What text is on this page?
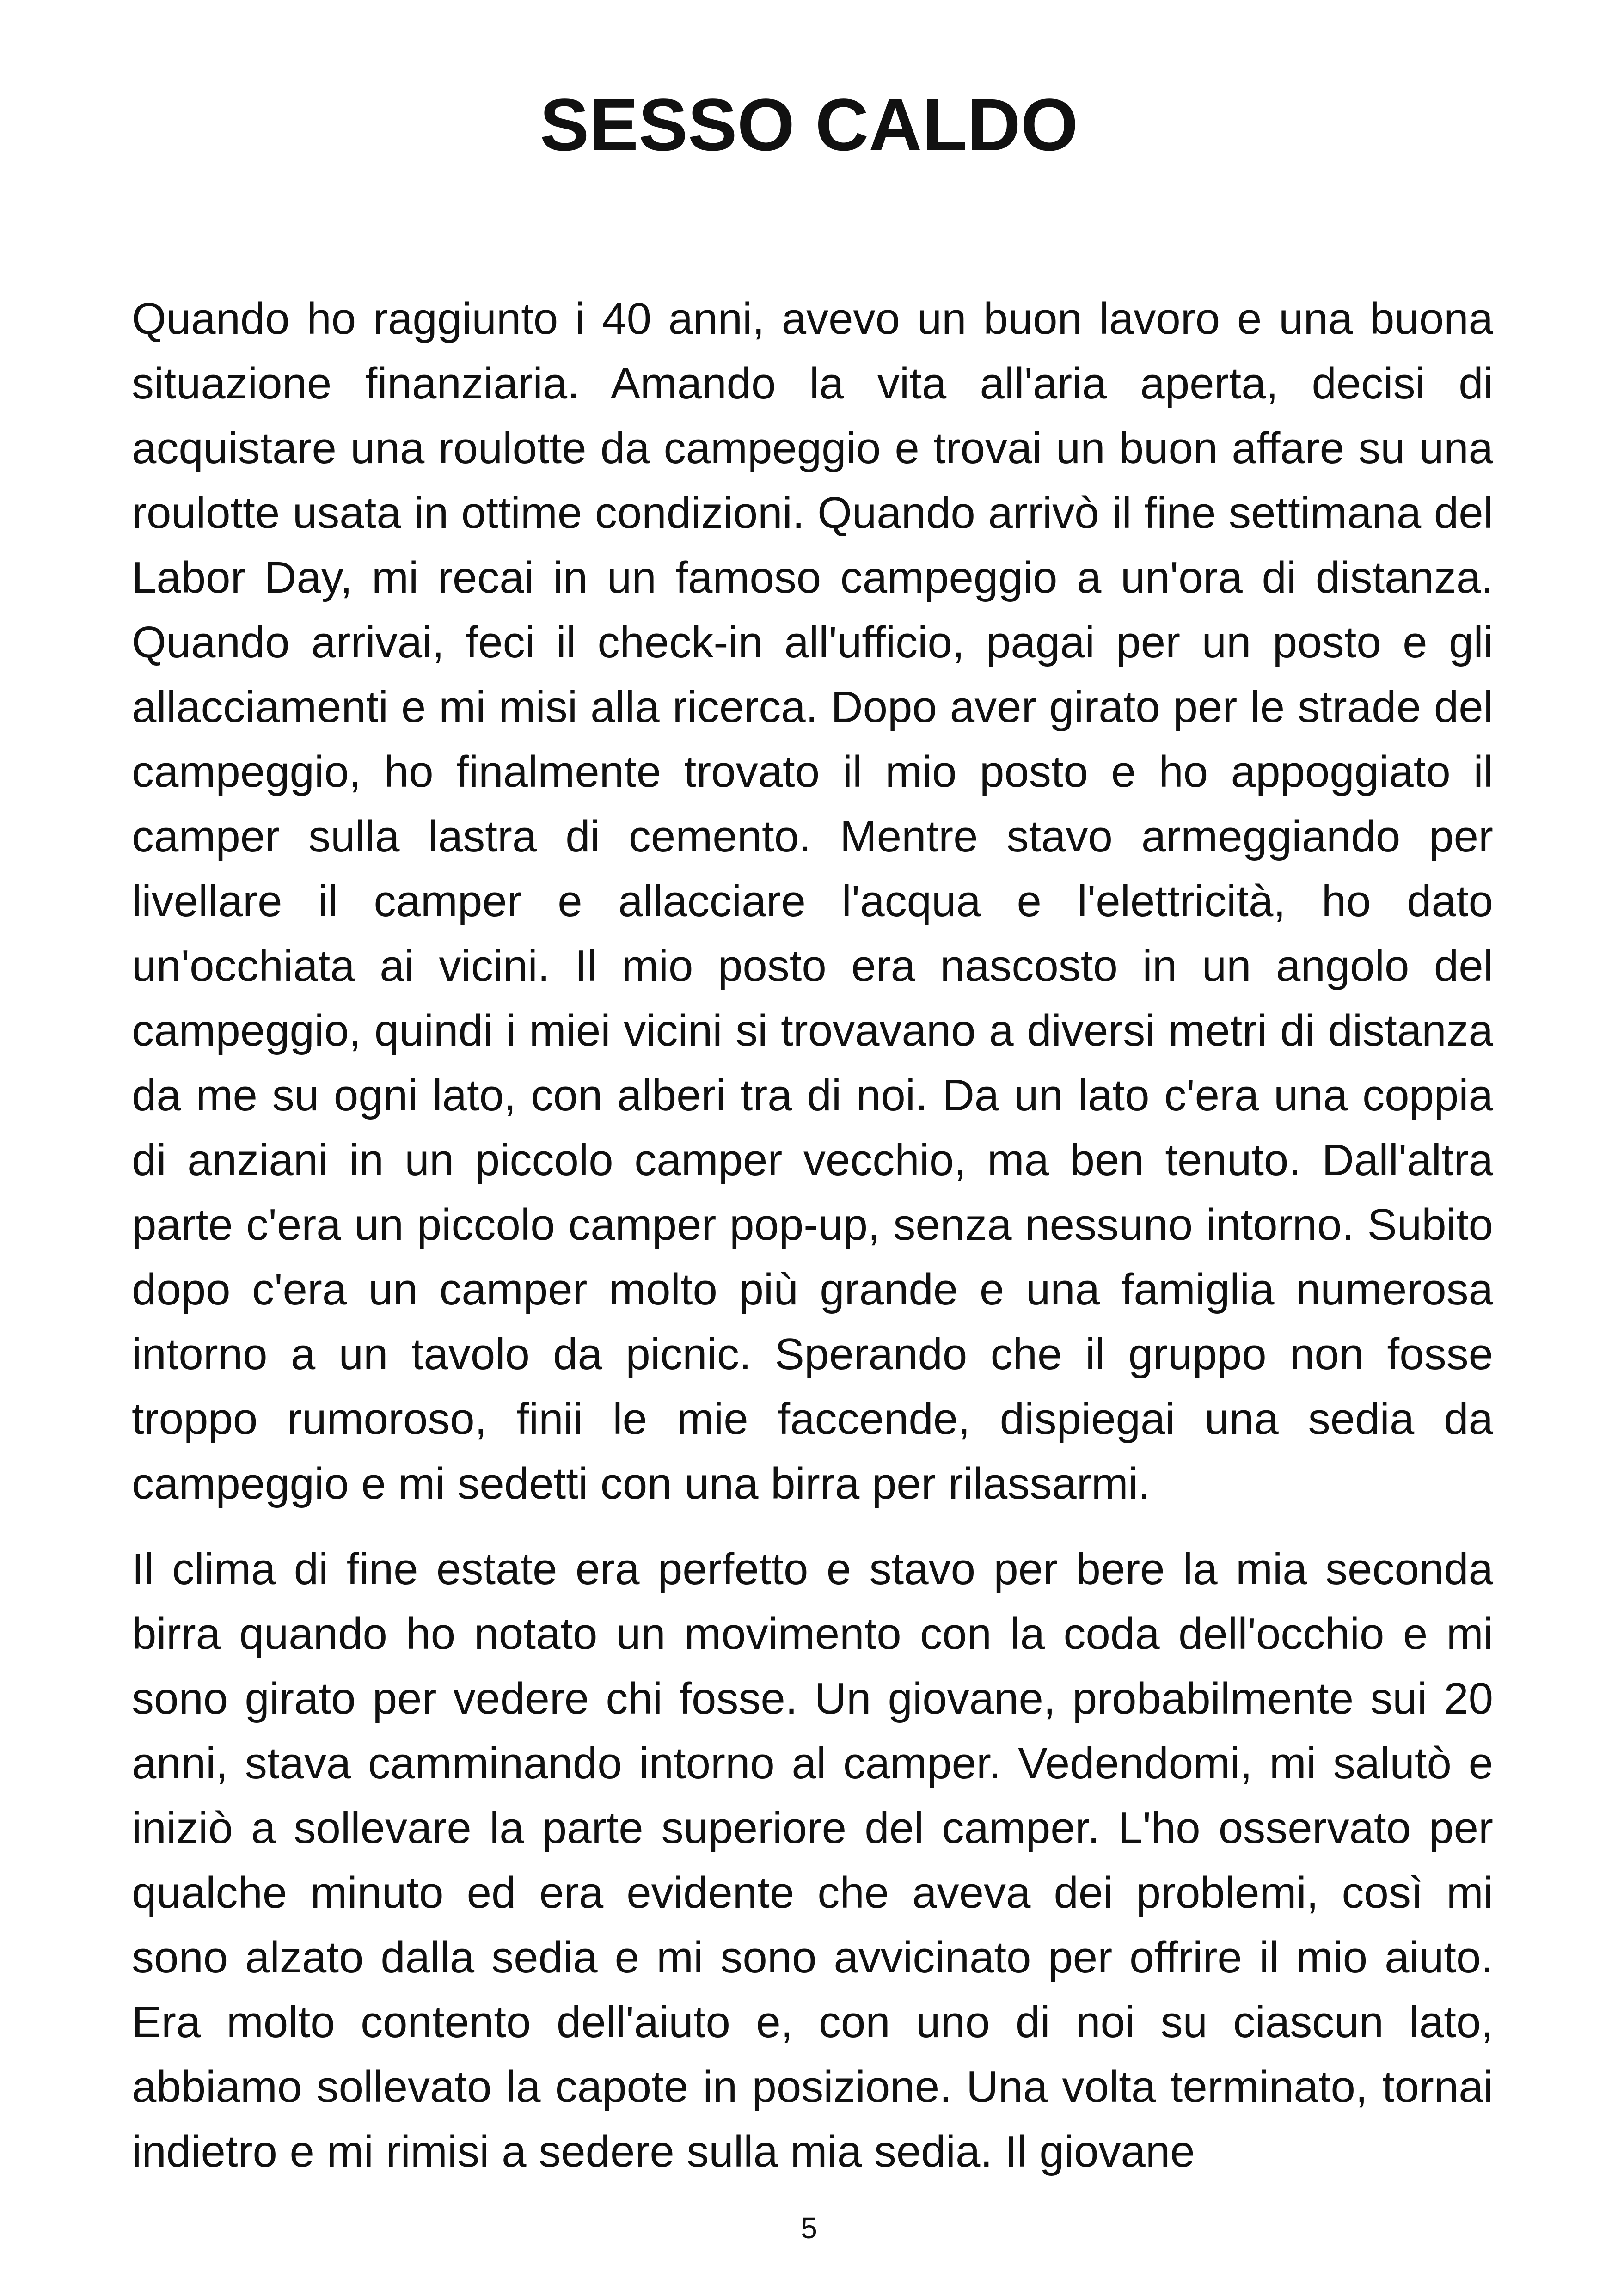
SESSO CALDO

Quando ho raggiunto i 40 anni, avevo un buon lavoro e una buona situazione finanziaria. Amando la vita all'aria aperta, decisi di acquistare una roulotte da campeggio e trovai un buon affare su una roulotte usata in ottime condizioni. Quando arrivò il fine settimana del Labor Day, mi recai in un famoso campeggio a un'ora di distanza. Quando arrivai, feci il check-in all'ufficio, pagai per un posto e gli allacciamenti e mi misi alla ricerca. Dopo aver girato per le strade del campeggio, ho finalmente trovato il mio posto e ho appoggiato il camper sulla lastra di cemento. Mentre stavo armeggiando per livellare il camper e allacciare l'acqua e l'elettricità, ho dato un'occhiata ai vicini. Il mio posto era nascosto in un angolo del campeggio, quindi i miei vicini si trovavano a diversi metri di distanza da me su ogni lato, con alberi tra di noi. Da un lato c'era una coppia di anziani in un piccolo camper vecchio, ma ben tenuto. Dall'altra parte c'era un piccolo camper pop-up, senza nessuno intorno. Subito dopo c'era un camper molto più grande e una famiglia numerosa intorno a un tavolo da picnic. Sperando che il gruppo non fosse troppo rumoroso, finii le mie faccende, dispiegai una sedia da campeggio e mi sedetti con una birra per rilassarmi.

Il clima di fine estate era perfetto e stavo per bere la mia seconda birra quando ho notato un movimento con la coda dell'occhio e mi sono girato per vedere chi fosse. Un giovane, probabilmente sui 20 anni, stava camminando intorno al camper. Vedendomi, mi salutò e iniziò a sollevare la parte superiore del camper. L'ho osservato per qualche minuto ed era evidente che aveva dei problemi, così mi sono alzato dalla sedia e mi sono avvicinato per offrire il mio aiuto. Era molto contento dell'aiuto e, con uno di noi su ciascun lato, abbiamo sollevato la capote in posizione. Una volta terminato, tornai indietro e mi rimisi a sedere sulla mia sedia. Il giovane

5
